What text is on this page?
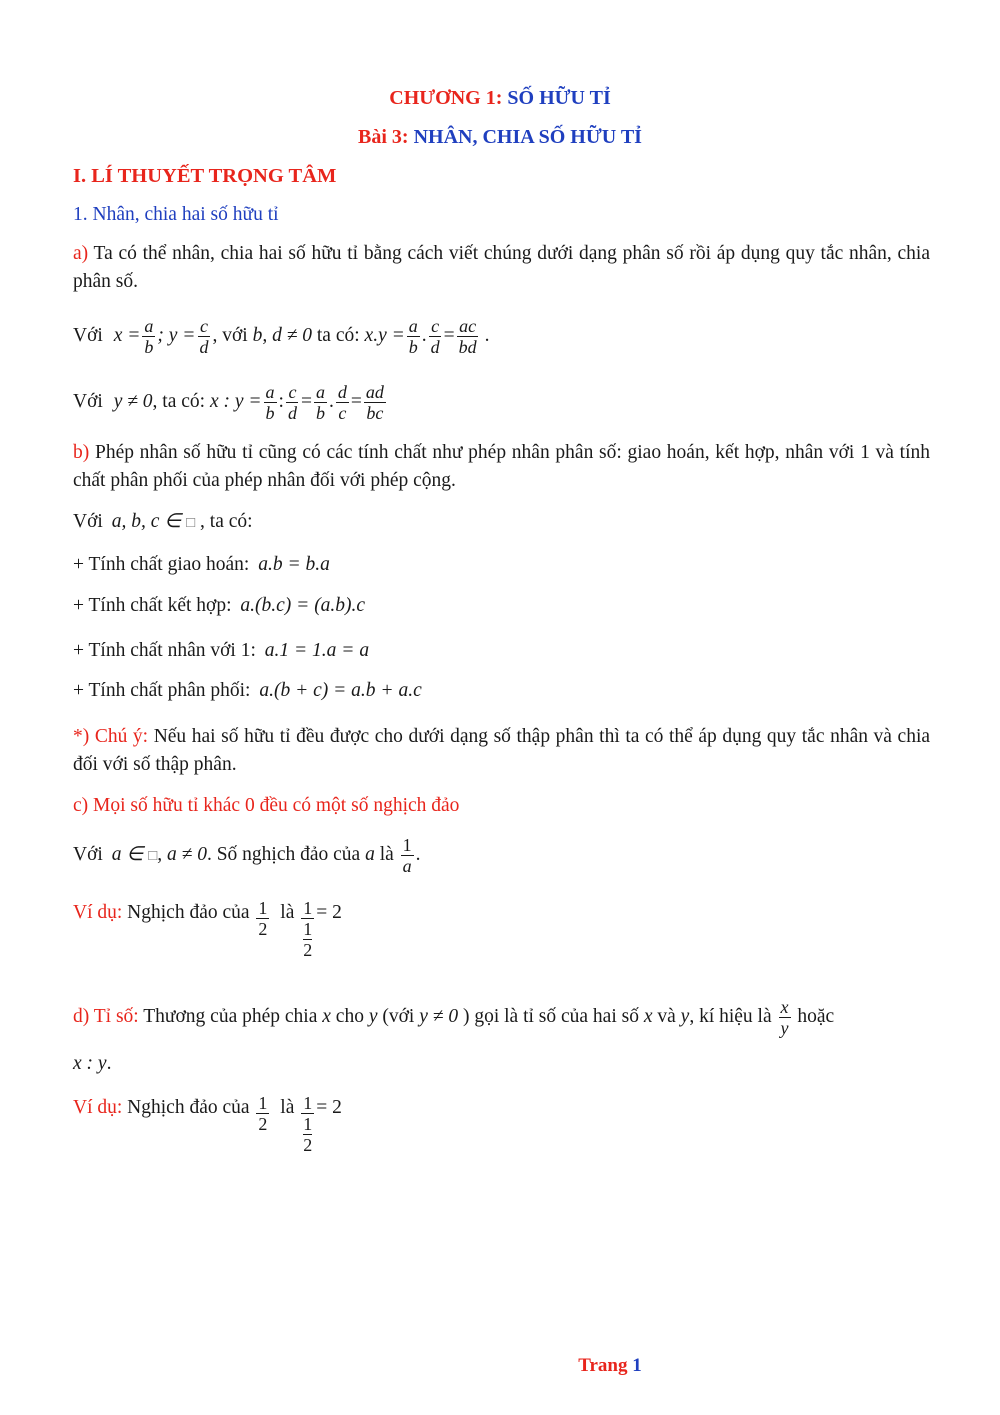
CHƯƠNG 1: SỐ HỮU TỈ
Bài 3: NHÂN, CHIA SỐ HỮU TỈ
I. LÍ THUYẾT TRỌNG TÂM
1. Nhân, chia hai số hữu tỉ
a) Ta có thể nhân, chia hai số hữu tỉ bằng cách viết chúng dưới dạng phân số rồi áp dụng quy tắc nhân, chia phân số.
Với $x = \frac{a}{b}$ ; $y = \frac{c}{d}$ , với b, d ≠ 0 ta có: $x.y = \frac{a}{b}$ . $\frac{c}{d} = \frac{ac}{bd}$ .
Với y ≠ 0, ta có: x : $y = \frac{a}{b}$ : $\frac{c}{d} = \frac{a}{b}$ . $\frac{d}{c} = \frac{ad}{bc}$
b) Phép nhân số hữu tỉ cũng có các tính chất như phép nhân phân số: giao hoán, kết hợp, nhân với 1 và tính chất phân phối của phép nhân đối với phép cộng.
Với a, b, c ∈ □ , ta có:
+ Tính chất giao hoán: a.b = b.a
+ Tính chất kết hợp: a.(b.c) = (a.b).c
+ Tính chất nhân với 1: a.1 = 1.a = a
+ Tính chất phân phối: a.(b + c) = a.b + a.c
*) Chú ý: Nếu hai số hữu tỉ đều được cho dưới dạng số thập phân thì ta có thể áp dụng quy tắc nhân và chia đối với số thập phân.
c) Mọi số hữu tỉ khác 0 đều có một số nghịch đảo
Với a ∈ □, a ≠ 0. Số nghịch đảo của a là $\frac{1}{a}$ .
Ví dụ: Nghịch đảo của $\frac{1}{2}$ là 1
1
2 = 2
d) Tỉ số: Thương của phép chia x cho y (với y ≠ 0 ) gọi là tỉ số của hai số x và y, kí hiệu là $\frac{x}{y}$ hoặc
x : y.
Ví dụ: Nghịch đảo của $\frac{1}{2}$ là 1
1
2 = 2
Trang 1
